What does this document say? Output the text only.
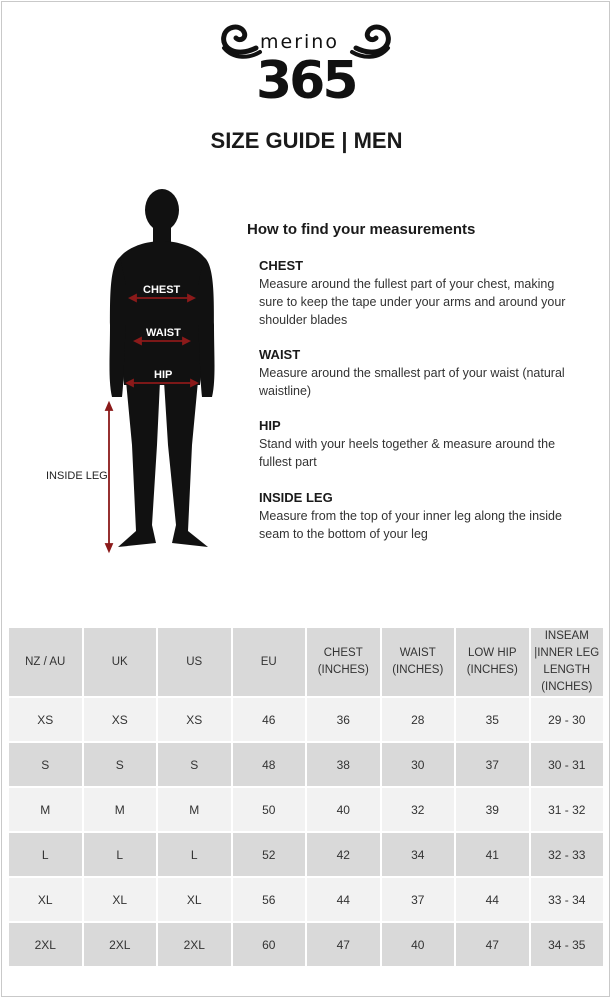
merino
365
SIZE GUIDE | MEN
CHEST
WAIST
HIP
INSIDE LEG
How to find your measurements
CHEST
Measure around the fullest part of your chest, making sure to keep the tape under your arms and around your shoulder blades
WAIST
Measure around the smallest part of your waist (natural waistline)
HIP
Stand with your heels together & measure around the fullest part
INSIDE LEG
Measure from the top of your inner leg along the inside seam to the bottom of your leg
NZ / AU	UK	US	EU	CHEST (INCHES)	WAIST (INCHES)	LOW HIP (INCHES)	INSEAM |INNER LEG LENGTH (INCHES)
XS	XS	XS	46	36	28	35	29 - 30
S	S	S	48	38	30	37	30 - 31
M	M	M	50	40	32	39	31 - 32
L	L	L	52	42	34	41	32 - 33
XL	XL	XL	56	44	37	44	33 - 34
2XL	2XL	2XL	60	47	40	47	34 - 35
